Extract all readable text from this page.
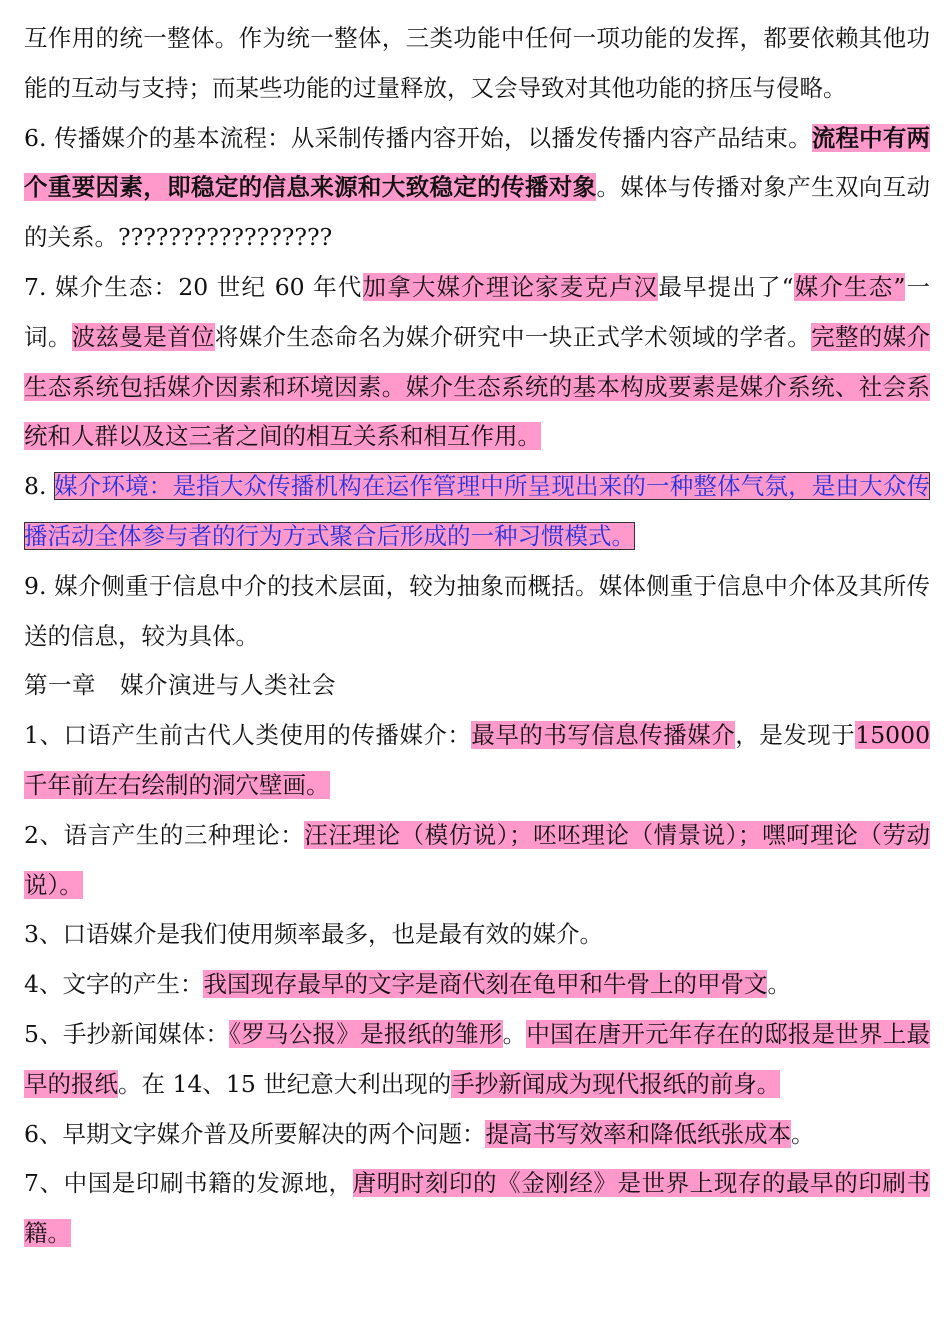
互作用的统一整体。作为统一整体，三类功能中任何一项功能的发挥，都要依赖其他功能的互动与支持；而某些功能的过量释放，又会导致对其他功能的挤压与侵略。

6. 传播媒介的基本流程：从采制传播内容开始，以播发传播内容产品结束。流程中有两个重要因素，即稳定的信息来源和大致稳定的传播对象。媒体与传播对象产生双向互动的关系。?????????????????

7. 媒介生态：20 世纪 60 年代加拿大媒介理论家麦克卢汉最早提出了“媒介生态”一词。波兹曼是首位将媒介生态命名为媒介研究中一块正式学术领域的学者。完整的媒介生态系统包括媒介因素和环境因素。媒介生态系统的基本构成要素是媒介系统、社会系统和人群以及这三者之间的相互关系和相互作用。

8. 媒介环境：是指大众传播机构在运作管理中所呈现出来的一种整体气氛，是由大众传播活动全体参与者的行为方式聚合后形成的一种习惯模式。

9. 媒介侧重于信息中介的技术层面，较为抽象而概括。媒体侧重于信息中介体及其所传送的信息，较为具体。

第一章　媒介演进与人类社会

1、口语产生前古代人类使用的传播媒介：最早的书写信息传播媒介，是发现于15000 千年前左右绘制的洞穴壁画。

2、语言产生的三种理论：汪汪理论（模仿说）；呸呸理论（情景说）；嘿呵理论（劳动说）。

3、口语媒介是我们使用频率最多，也是最有效的媒介。

4、文字的产生：我国现存最早的文字是商代刻在龟甲和牛骨上的甲骨文。

5、手抄新闻媒体：《罗马公报》是报纸的雏形。中国在唐开元年存在的邸报是世界上最早的报纸。在 14、15 世纪意大利出现的手抄新闻成为现代报纸的前身。

6、早期文字媒介普及所要解决的两个问题：提高书写效率和降低纸张成本。

7、中国是印刷书籍的发源地，唐明时刻印的《金刚经》是世界上现存的最早的印刷书籍。
